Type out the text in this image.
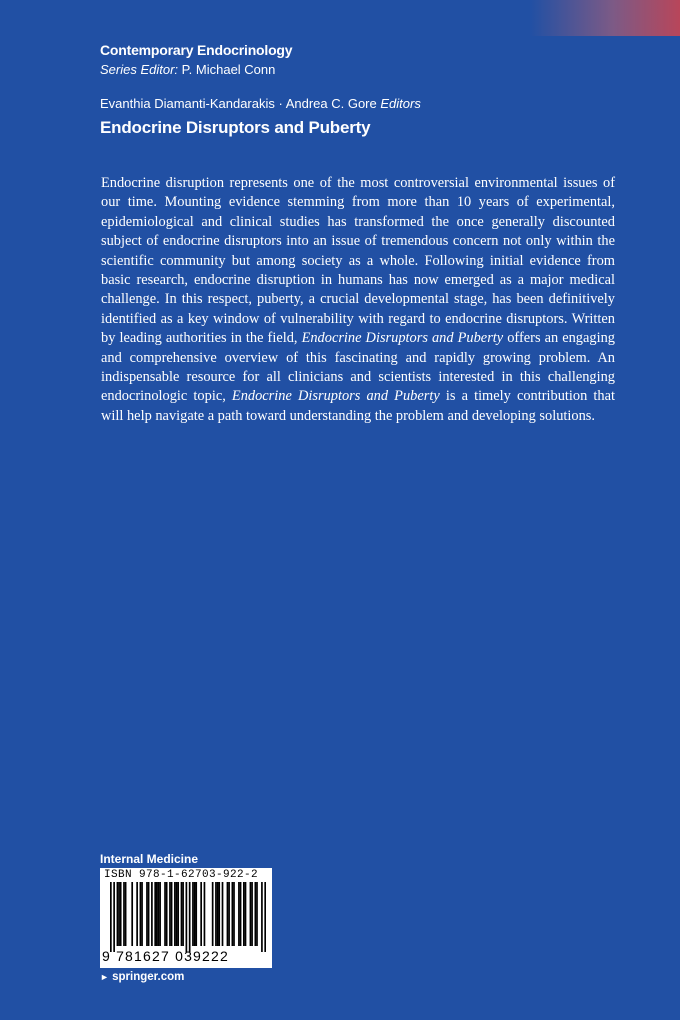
Contemporary Endocrinology
Series Editor: P. Michael Conn
Evanthia Diamanti-Kandarakis · Andrea C. Gore Editors
Endocrine Disruptors and Puberty

Endocrine disruption represents one of the most controversial environmental issues of our time. Mounting evidence stemming from more than 10 years of experimental, epidemiological and clinical studies has transformed the once generally discounted subject of endocrine disruptors into an issue of tremendous concern not only within the scientific community but among society as a whole. Following initial evidence from basic research, endocrine disruption in humans has now emerged as a major medical challenge. In this respect, puberty, a crucial developmental stage, has been definitively identified as a key window of vulnerability with regard to endocrine disruptors. Written by leading authorities in the field, Endocrine Disruptors and Puberty offers an engaging and comprehensive overview of this fascinating and rapidly growing problem. An indispensable resource for all clinicians and scientists interested in this challenging endocrinologic topic, Endocrine Disruptors and Puberty is a timely contribution that will help navigate a path toward understanding the problem and developing solutions.

Internal Medicine
ISBN 978-1-62703-922-2
9 781627 039222
► springer.com
